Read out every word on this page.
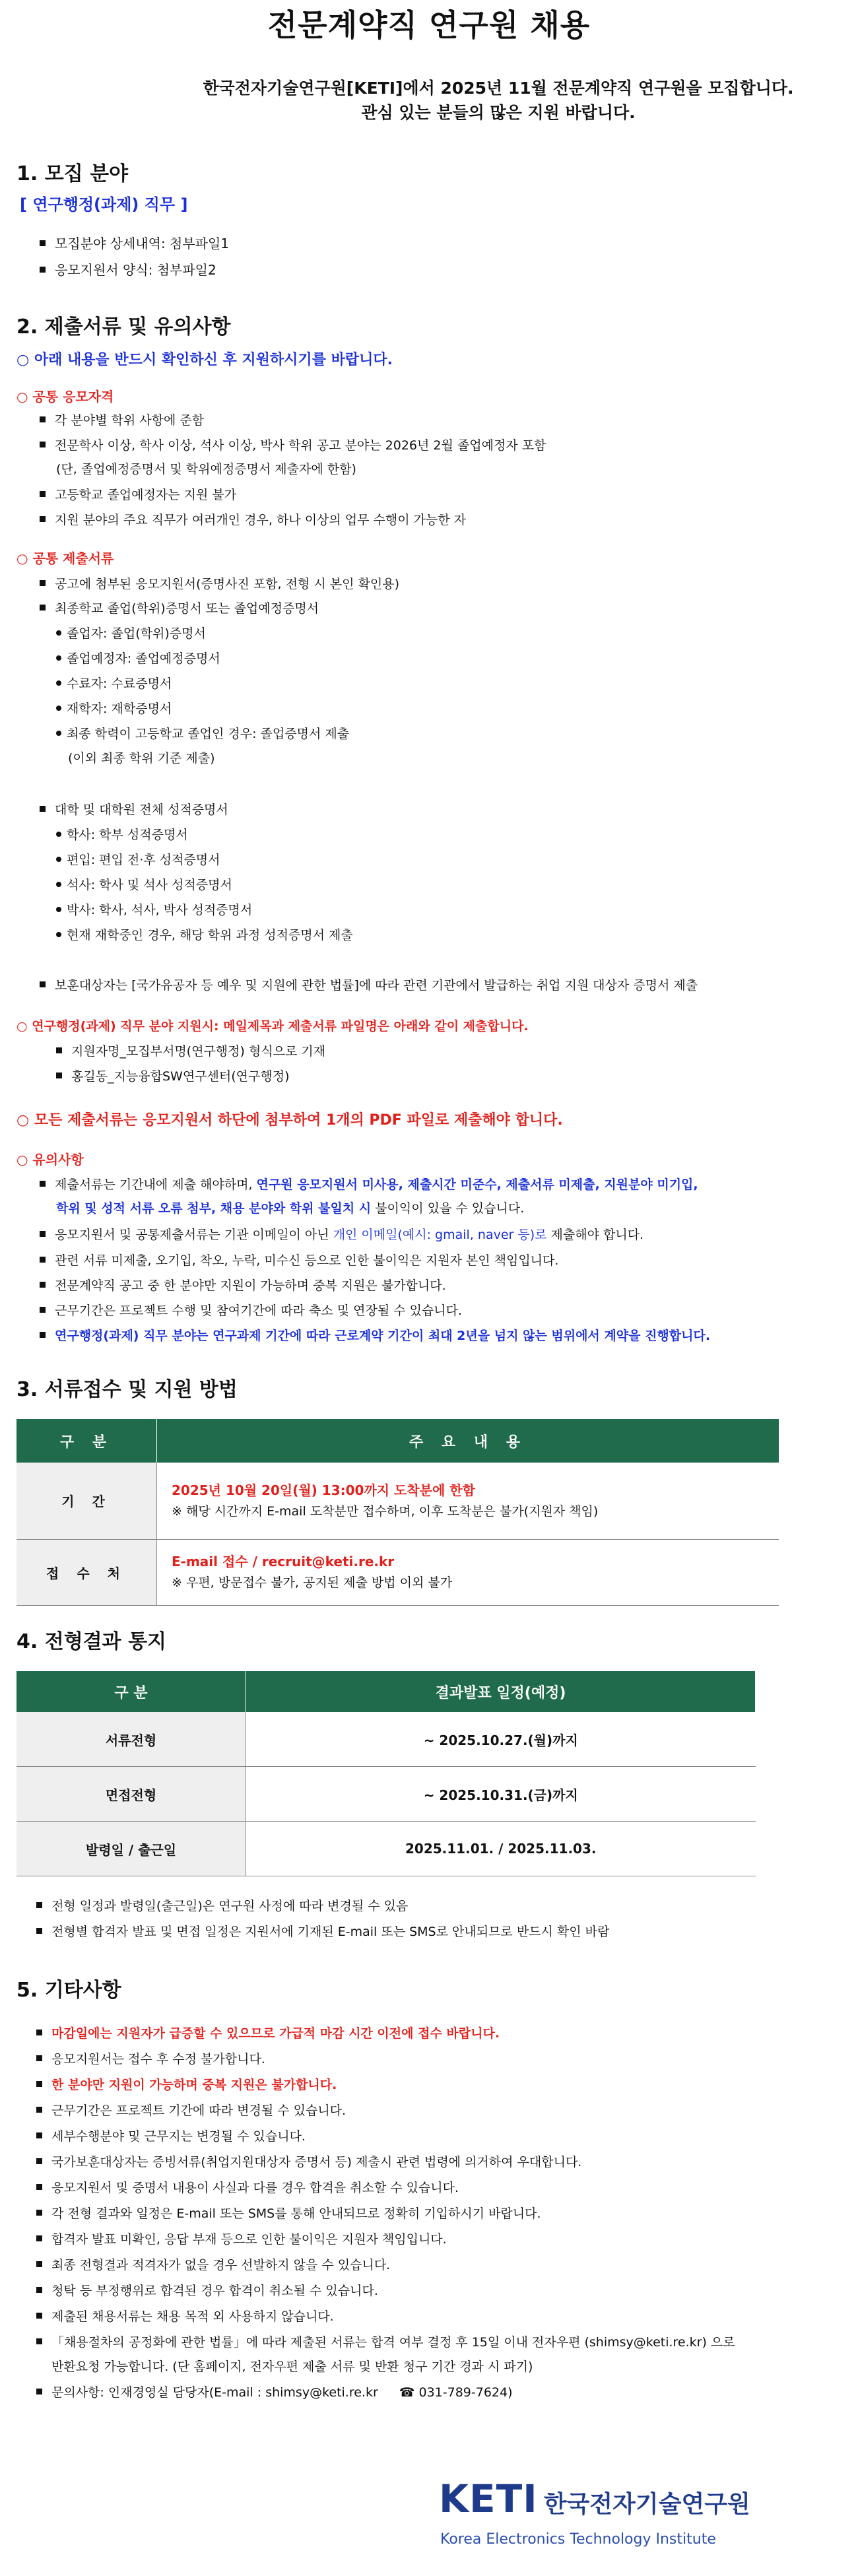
전문계약직 연구원 채용
한국전자기술연구원[KETI]에서 2025년 11월 전문계약직 연구원을 모집합니다.
관심 있는 분들의 많은 지원 바랍니다.
1. 모집 분야
[ 연구행정(과제) 직무 ]
모집분야 상세내역: 첨부파일1
응모지원서 양식: 첨부파일2
2. 제출서류 및 유의사항
○ 아래 내용을 반드시 확인하신 후 지원하시기를 바랍니다.
○ 공통 응모자격
각 분야별 학위 사항에 준함
전문학사 이상, 학사 이상, 석사 이상, 박사 학위 공고 분야는 2026년 2월 졸업예정자 포함
(단, 졸업예정증명서 및 학위예정증명서 제출자에 한함)
고등학교 졸업예정자는 지원 불가
지원 분야의 주요 직무가 여러개인 경우, 하나 이상의 업무 수행이 가능한 자
○ 공통 제출서류
공고에 첨부된 응모지원서(증명사진 포함, 전형 시 본인 확인용)
최종학교 졸업(학위)증명서 또는 졸업예정증명서
졸업자: 졸업(학위)증명서
졸업예정자: 졸업예정증명서
수료자: 수료증명서
재학자: 재학증명서
최종 학력이 고등학교 졸업인 경우: 졸업증명서 제출
(이외 최종 학위 기준 제출)
대학 및 대학원 전체 성적증명서
학사: 학부 성적증명서
편입: 편입 전·후 성적증명서
석사: 학사 및 석사 성적증명서
박사: 학사, 석사, 박사 성적증명서
현재 재학중인 경우, 해당 학위 과정 성적증명서 제출
보훈대상자는 [국가유공자 등 예우 및 지원에 관한 법률]에 따라 관련 기관에서 발급하는 취업 지원 대상자 증명서 제출
○ 연구행정(과제) 직무 분야 지원시: 메일제목과 제출서류 파일명은 아래와 같이 제출합니다.
지원자명_모집부서명(연구행정) 형식으로 기재
홍길동_지능융합SW연구센터(연구행정)
○ 모든 제출서류는 응모지원서 하단에 첨부하여 1개의 PDF 파일로 제출해야 합니다.
○ 유의사항
제출서류는 기간내에 제출 해야하며, 연구원 응모지원서 미사용, 제출시간 미준수, 제출서류 미제출, 지원분야 미기입,
학위 및 성적 서류 오류 첨부, 채용 분야와 학위 불일치 시 불이익이 있을 수 있습니다.
응모지원서 및 공통제출서류는 기관 이메일이 아닌 개인 이메일(예시: gmail, naver 등)로 제출해야 합니다.
관련 서류 미제출, 오기입, 착오, 누락, 미수신 등으로 인한 불이익은 지원자 본인 책임입니다.
전문계약직 공고 중 한 분야만 지원이 가능하며 중복 지원은 불가합니다.
근무기간은 프로젝트 수행 및 참여기간에 따라 축소 및 연장될 수 있습니다.
연구행정(과제) 직무 분야는 연구과제 기간에 따라 근로계약 기간이 최대 2년을 넘지 않는 범위에서 계약을 진행합니다.
3. 서류접수 및 지원 방법
구 분	주 요 내 용
기 간	2025년 10월 20일(월) 13:00까지 도착분에 한함
※ 해당 시간까지 E-mail 도착분만 접수하며, 이후 도착분은 불가(지원자 책임)

접 수 처	E-mail 접수 / recruit@keti.re.kr
※ 우편, 방문접수 불가, 공지된 제출 방법 이외 불가
4. 전형결과 통지
구 분	결과발표 일정(예정)
서류전형	~ 2025.10.27.(월)까지
면접전형	~ 2025.10.31.(금)까지
발령일 / 출근일	2025.11.01. / 2025.11.03.
전형 일정과 발령일(출근일)은 연구원 사정에 따라 변경될 수 있음
전형별 합격자 발표 및 면접 일정은 지원서에 기재된 E-mail 또는 SMS로 안내되므로 반드시 확인 바람
5. 기타사항
마감일에는 지원자가 급증할 수 있으므로 가급적 마감 시간 이전에 접수 바랍니다.
응모지원서는 접수 후 수정 불가합니다.
한 분야만 지원이 가능하며 중복 지원은 불가합니다.
근무기간은 프로젝트 기간에 따라 변경될 수 있습니다.
세부수행분야 및 근무지는 변경될 수 있습니다.
국가보훈대상자는 증빙서류(취업지원대상자 증명서 등) 제출시 관련 법령에 의거하여 우대합니다.
응모지원서 및 증명서 내용이 사실과 다를 경우 합격을 취소할 수 있습니다.
각 전형 결과와 일정은 E-mail 또는 SMS를 통해 안내되므로 정확히 기입하시기 바랍니다.
합격자 발표 미확인, 응답 부재 등으로 인한 불이익은 지원자 책임입니다.
최종 전형결과 적격자가 없을 경우 선발하지 않을 수 있습니다.
청탁 등 부정행위로 합격된 경우 합격이 취소될 수 있습니다.
제출된 채용서류는 채용 목적 외 사용하지 않습니다.
「채용절차의 공정화에 관한 법률」에 따라 제출된 서류는 합격 여부 결정 후 15일 이내 전자우편 (shimsy@keti.re.kr) 으로
반환요청 가능합니다. (단 홈페이지, 전자우편 제출 서류 및 반환 청구 기간 경과 시 파기)
문의사항: 인재경영실 담당자(E-mail : shimsy@keti.re.kr ☎ 031-789-7624)
KETI 한국전자기술연구원
Korea Electronics Technology Institute
